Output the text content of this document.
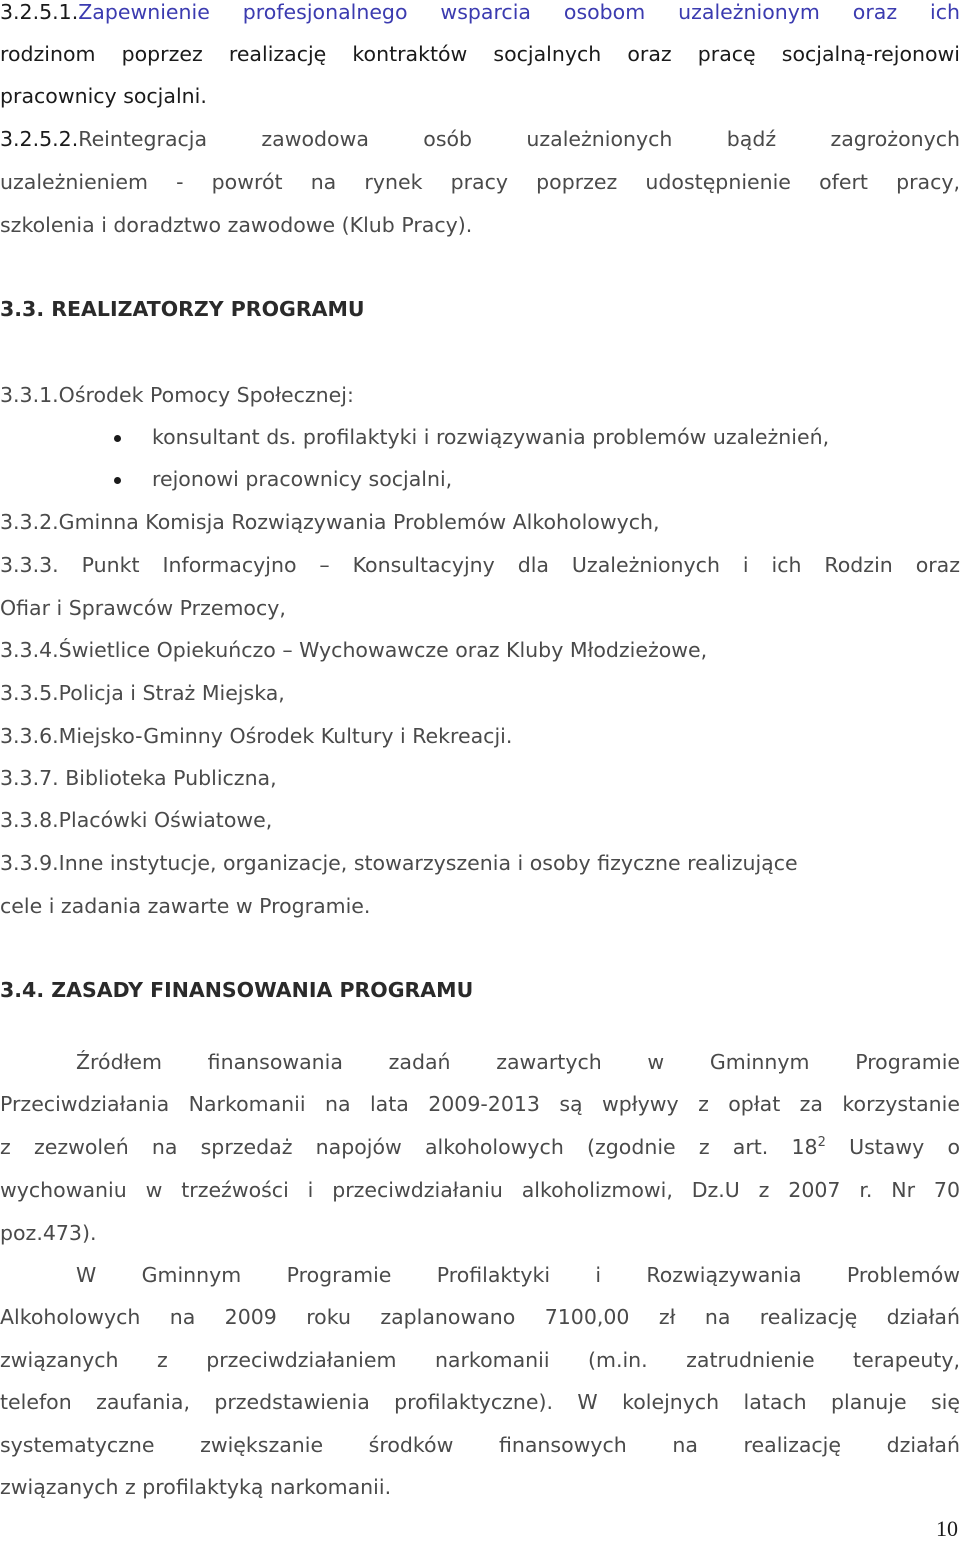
3.2.5.1.Zapewnienie profesjonalnego wsparcia osobom uzależnionym oraz ich
rodzinom poprzez realizację kontraktów socjalnych oraz pracę socjalną-rejonowi
pracownicy socjalni.
3.2.5.2.Reintegracja zawodowa osób uzależnionych bądź zagrożonych
uzależnieniem - powrót na rynek pracy poprzez udostępnienie ofert pracy,
szkolenia i doradztwo zawodowe (Klub Pracy).
3.3. REALIZATORZY PROGRAMU
3.3.1.Ośrodek Pomocy Społecznej:
konsultant ds. profilaktyki i rozwiązywania problemów uzależnień,
rejonowi pracownicy socjalni,
3.3.2.Gminna Komisja Rozwiązywania Problemów Alkoholowych,
3.3.3. Punkt Informacyjno – Konsultacyjny dla Uzależnionych i ich Rodzin oraz
Ofiar i Sprawców Przemocy,
3.3.4.Świetlice Opiekuńczo – Wychowawcze oraz Kluby Młodzieżowe,
3.3.5.Policja i Straż Miejska,
3.3.6.Miejsko-Gminny Ośrodek Kultury i Rekreacji.
3.3.7. Biblioteka Publiczna,
3.3.8.Placówki Oświatowe,
3.3.9.Inne instytucje, organizacje, stowarzyszenia i osoby fizyczne realizujące
cele i zadania zawarte w Programie.
3.4. ZASADY FINANSOWANIA PROGRAMU
Źródłem finansowania zadań zawartych w Gminnym Programie
Przeciwdziałania Narkomanii na lata 2009-2013 są wpływy z opłat za korzystanie
z zezwoleń na sprzedaż napojów alkoholowych (zgodnie z art. $18^2$ Ustawy o
wychowaniu w trzeźwości i przeciwdziałaniu alkoholizmowi, Dz.U z 2007 r. Nr 70
poz.473).
W Gminnym Programie Profilaktyki i Rozwiązywania Problemów
Alkoholowych na 2009 roku zaplanowano 7100,00 zł na realizację działań
związanych z przeciwdziałaniem narkomanii (m.in. zatrudnienie terapeuty,
telefon zaufania, przedstawienia profilaktyczne). W kolejnych latach planuje się
systematyczne zwiększanie środków finansowych na realizację działań
związanych z profilaktyką narkomanii.
10
